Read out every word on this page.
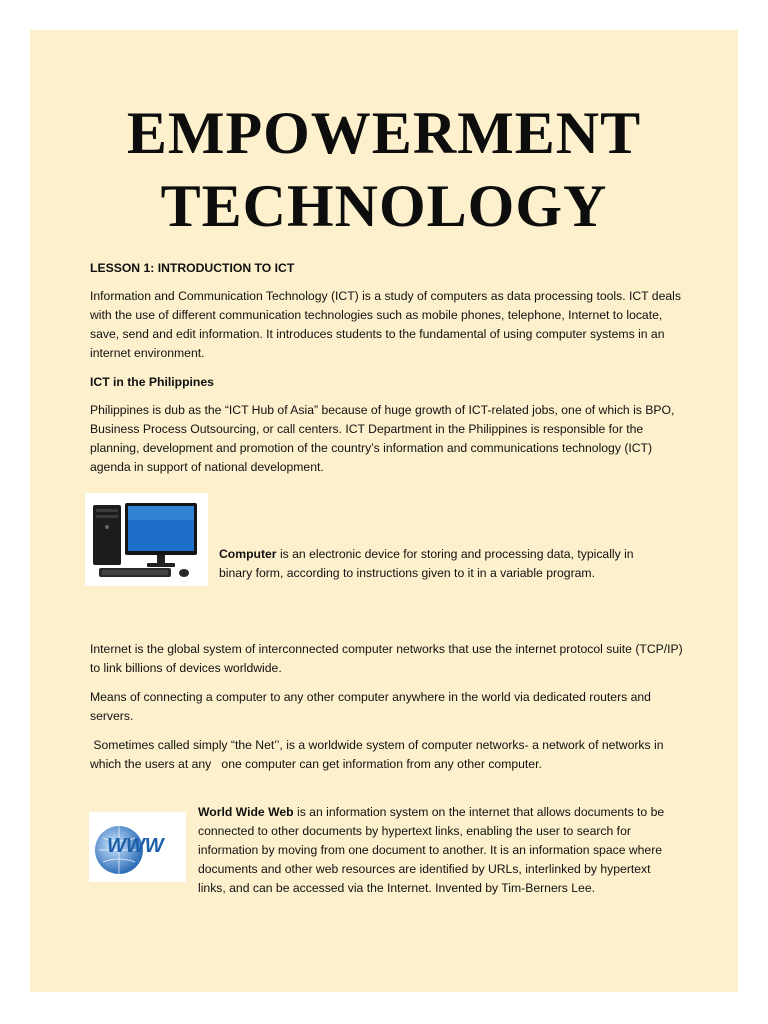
EMPOWERMENT
TECHNOLOGY

LESSON 1: INTRODUCTION TO ICT

Information and Communication Technology (ICT) is a study of computers as data processing tools. ICT deals with the use of different communication technologies such as mobile phones, telephone, Internet to locate, save, send and edit information. It introduces students to the fundamental of using computer systems in an internet environment.

ICT in the Philippines

Philippines is dub as the “ICT Hub of Asia” because of huge growth of ICT-related jobs, one of which is BPO, Business Process Outsourcing, or call centers. ICT Department in the Philippines is responsible for the planning, development and promotion of the country’s information and communications technology (ICT) agenda in support of national development.

Computer is an electronic device for storing and processing data, typically in binary form, according to instructions given to it in a variable program.

Internet is the global system of interconnected computer networks that use the internet protocol suite (TCP/IP) to link billions of devices worldwide.

Means of connecting a computer to any other computer anywhere in the world via dedicated routers and servers.

Sometimes called simply “the Net’’, is a worldwide system of computer networks- a network of networks in which the users at any   one computer can get information from any other computer.

WWW

World Wide Web is an information system on the internet that allows documents to be connected to other documents by hypertext links, enabling the user to search for information by moving from one document to another. It is an information space where documents and other web resources are identified by URLs, interlinked by hypertext links, and can be accessed via the Internet. Invented by Tim-Berners Lee.
